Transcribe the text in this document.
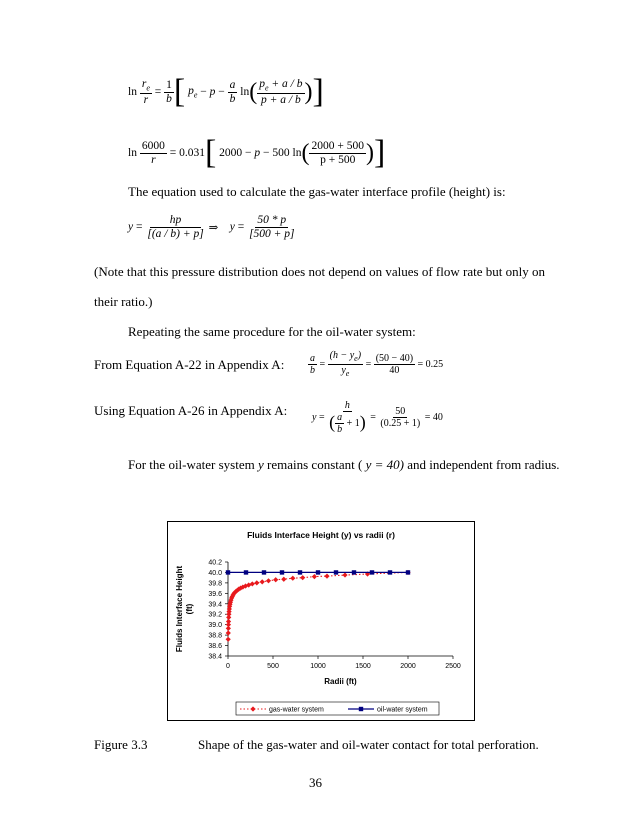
$\ln \frac{r_e}{r} = \frac{1}{b}$ [ $p_e - p - \frac{a}{b}$ ln ( $\frac{p_e + a / b}{p + a / b}$ ) ]
$\ln \frac{6000}{r} = 0.031$ [
2000 − p − 500 ln ( $\frac{2000 + 500}{p + 500}$ ) ]
The equation used to calculate the gas-water interface profile (height) is:
$y = \frac{hp}{[(a / b) + p]}$
⇒
$y = \frac{50 * p}{[500 + p]}$
(Note that this pressure distribution does not depend on values of flow rate but only on
their ratio.)
Repeating the same procedure for the oil-water system:
From Equation A-22 in Appendix A: $\frac{a}{b} = \frac{(h - y_e)}{y_e} = \frac{(50 - 40)}{40} = 0.25$
Using Equation A-26 in Appendix A: y = h
( $\frac{a}{b}$
+ 1 ) = $\frac{50}{(0.25 + 1)} = 40$
For the oil-water system y remains constant ( y = 40) and independent from radius.
Fluids Interface Height (y) vs radii (r)
Fluids Interface Height (ft)
38.4
38.6
38.8
39.0
39.2
39.4
39.6
39.8
40.0
40.2
0	500	1000	1500	2000	2500
Radii (ft)
gas-water system	oil-water system
Figure 3.3	Shape of the gas-water and oil-water contact for total perforation.
36
